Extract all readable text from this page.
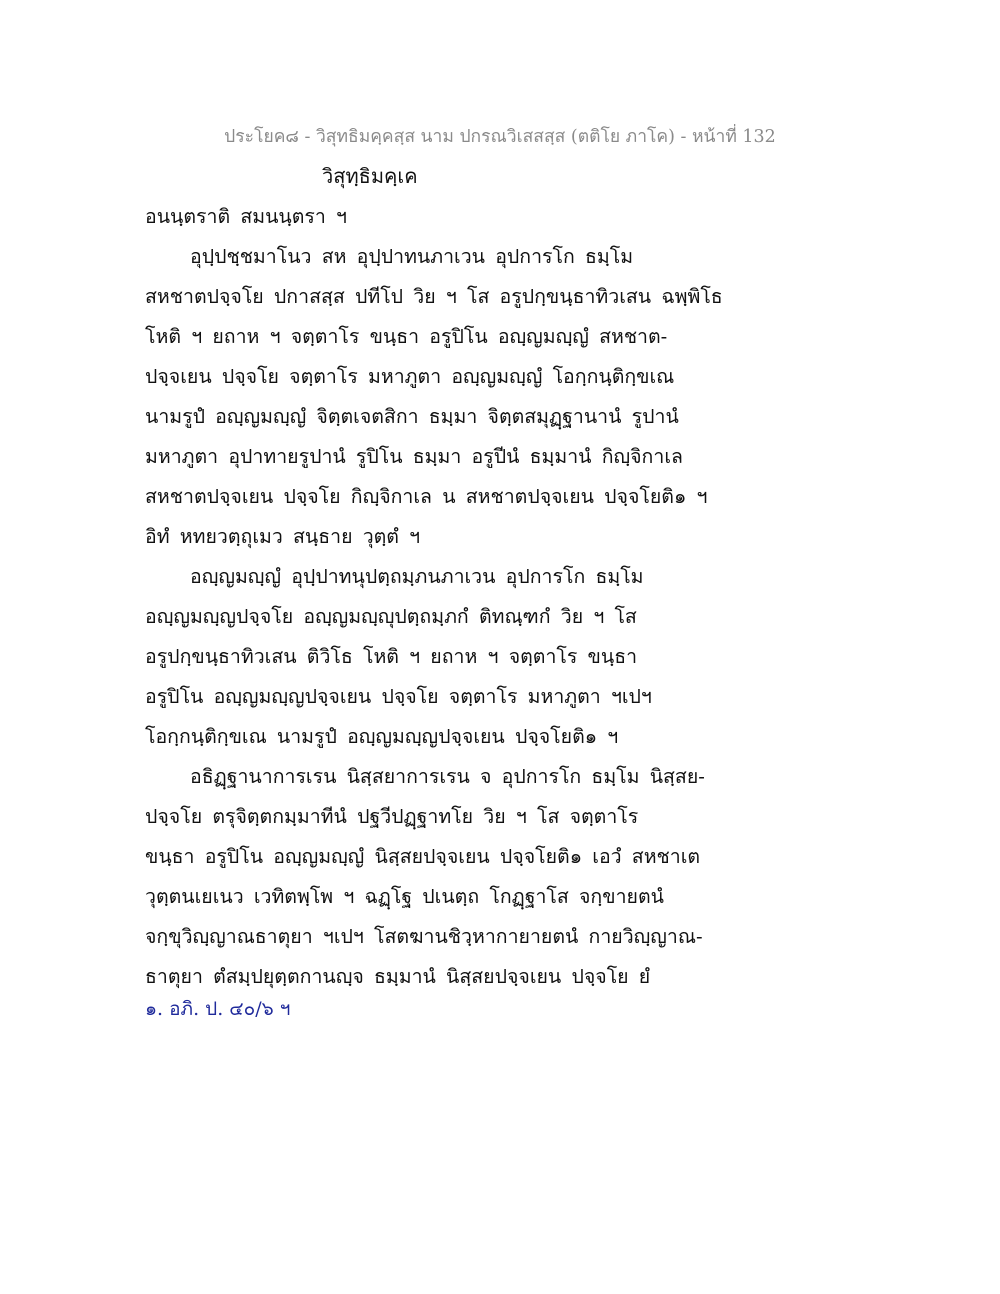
ประโยค๘ - วิสุทธิมคฺคสฺส นาม ปกรณวิเสสสฺส (ตติโย ภาโค) - หน้าที่ 132
วิสุทฺธิมคฺเค
อนนฺตราติ สมนนฺตรา ฯ
อุปฺปชฺชมาโนว สห อุปฺปาทนภาเวน อุปการโก ธมฺโม
สหชาตปจฺจโย ปกาสสฺส ปทีโป วิย ฯ โส อรูปกฺขนฺธาทิวเสน ฉพฺพิโธ
โหติ ฯ ยถาห ฯ จตฺตาโร ขนฺธา อรูปิโน อญฺญมญฺญํ สหชาต-
ปจฺจเยน ปจฺจโย จตฺตาโร มหาภูตา อญฺญมญฺญํ โอกฺกนฺติกฺขเณ
นามรูปํ อญฺญมญฺญํ จิตฺตเจตสิกา ธมฺมา จิตฺตสมุฏฺฐานานํ รูปานํ
มหาภูตา อุปาทายรูปานํ รูปิโน ธมฺมา อรูปีนํ ธมฺมานํ กิญฺจิกาเล
สหชาตปจฺจเยน ปจฺจโย กิญฺจิกาเล น สหชาตปจฺจเยน ปจฺจโยติ๑ ฯ
อิทํ หทยวตฺถุเมว สนฺธาย วุตฺตํ ฯ
อญฺญมญฺญํ อุปฺปาทนุปตฺถมฺภนภาเวน อุปการโก ธมฺโม
อญฺญมญฺญปจฺจโย อญฺญมญฺญุปตฺถมฺภกํ ติทณฺฑกํ วิย ฯ โส
อรูปกฺขนฺธาทิวเสน ติวิโธ โหติ ฯ ยถาห ฯ จตฺตาโร ขนฺธา
อรูปิโน อญฺญมญฺญปจฺจเยน ปจฺจโย จตฺตาโร มหาภูตา ฯเปฯ
โอกฺกนฺติกฺขเณ นามรูปํ อญฺญมญฺญปจฺจเยน ปจฺจโยติ๑ ฯ
อธิฏฺฐานาการเรน นิสฺสยาการเรน จ อุปการโก ธมฺโม นิสฺสย-
ปจฺจโย ตรุจิตฺตกมฺมาทีนํ ปฐวีปฏฺฐาทโย วิย ฯ โส จตฺตาโร
ขนฺธา อรูปิโน อญฺญมญฺญํ นิสฺสยปจฺจเยน ปจฺจโยติ๑ เอวํ สหชาเต
วุตฺตนเยเนว เวทิตพฺโพ ฯ ฉฏฺโฐ ปเนตฺถ โกฏฺฐาโส จกฺขายตนํ
จกฺขุวิญฺญาณธาตุยา ฯเปฯ โสตฆานชิวฺหากายายตนํ กายวิญฺญาณ-
ธาตุยา ตํสมฺปยุตฺตกานญฺจ ธมฺมานํ นิสฺสยปจฺจเยน ปจฺจโย ยํ
๑. อภิ. ป. ๔๐/๖ ฯ
